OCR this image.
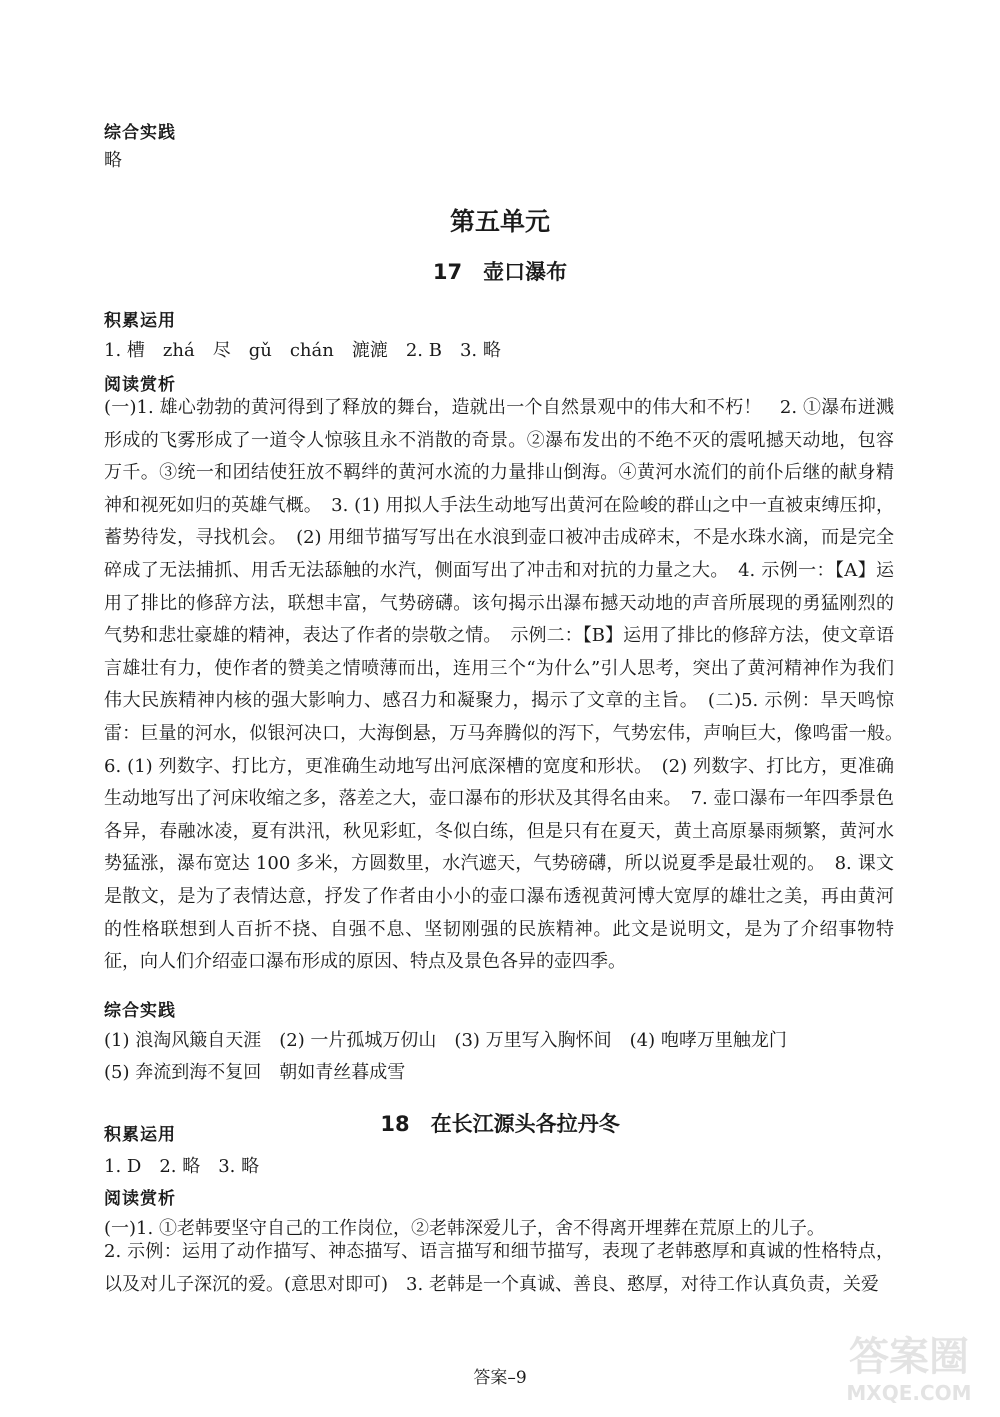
综合实践
略
第五单元
17　壶口瀑布
积累运用
1. 槽　zhá　尽　gǔ　chán　漉漉　2. B　3. 略
阅读赏析
(一)1. 雄心勃勃的黄河得到了释放的舞台，造就出一个自然景观中的伟大和不朽！　2. ①瀑布迸溅形成的飞雾形成了一道令人惊骇且永不消散的奇景。②瀑布发出的不绝不灭的震吼撼天动地，包容万千。③统一和团结使狂放不羁绊的黄河水流的力量排山倒海。④黄河水流们的前仆后继的献身精神和视死如归的英雄气概。　3. (1) 用拟人手法生动地写出黄河在险峻的群山之中一直被束缚压抑，蓄势待发，寻找机会。　(2) 用细节描写写出在水浪到壶口被冲击成碎末，不是水珠水滴，而是完全碎成了无法捕抓、用舌无法舔触的水汽，侧面写出了冲击和对抗的力量之大。　4. 示例一：【A】运用了排比的修辞方法，联想丰富，气势磅礴。该句揭示出瀑布撼天动地的声音所展现的勇猛刚烈的气势和悲壮豪雄的精神，表达了作者的崇敬之情。　示例二：【B】运用了排比的修辞方法，使文章语言雄壮有力，使作者的赞美之情喷薄而出，连用三个“为什么”引人思考，突出了黄河精神作为我们伟大民族精神内核的强大影响力、感召力和凝聚力，揭示了文章的主旨。　(二)5. 示例：旱天鸣惊雷：巨量的河水，似银河决口，大海倒悬，万马奔腾似的泻下，气势宏伟，声响巨大，像鸣雷一般。　6. (1) 列数字、打比方，更准确生动地写出河底深槽的宽度和形状。　(2) 列数字、打比方，更准确生动地写出了河床收缩之多，落差之大，壶口瀑布的形状及其得名由来。　7. 壶口瀑布一年四季景色各异，春融冰凌，夏有洪汛，秋见彩虹，冬似白练，但是只有在夏天，黄土高原暴雨频繁，黄河水势猛涨，瀑布宽达 100 多米，方圆数里，水汽遮天，气势磅礴，所以说夏季是最壮观的。　8. 课文是散文，是为了表情达意，抒发了作者由小小的壶口瀑布透视黄河博大宽厚的雄壮之美，再由黄河的性格联想到人百折不挠、自强不息、坚韧刚强的民族精神。此文是说明文，是为了介绍事物特征，向人们介绍壶口瀑布形成的原因、特点及景色各异的壶四季。
综合实践
(1) 浪淘风簸自天涯　(2) 一片孤城万仞山　(3) 万里写入胸怀间　(4) 咆哮万里触龙门
(5) 奔流到海不复回　朝如青丝暮成雪
18　在长江源头各拉丹冬
积累运用
1. D　2. 略　3. 略
阅读赏析
(一)1. ①老韩要坚守自己的工作岗位，②老韩深爱儿子，舍不得离开埋葬在荒原上的儿子。
2. 示例：运用了动作描写、神态描写、语言描写和细节描写，表现了老韩憨厚和真诚的性格特点，以及对儿子深沉的爱。(意思对即可)　3. 老韩是一个真诚、善良、憨厚，对待工作认真负责，关爱
答案–9	答案圈
MXQE.COM
